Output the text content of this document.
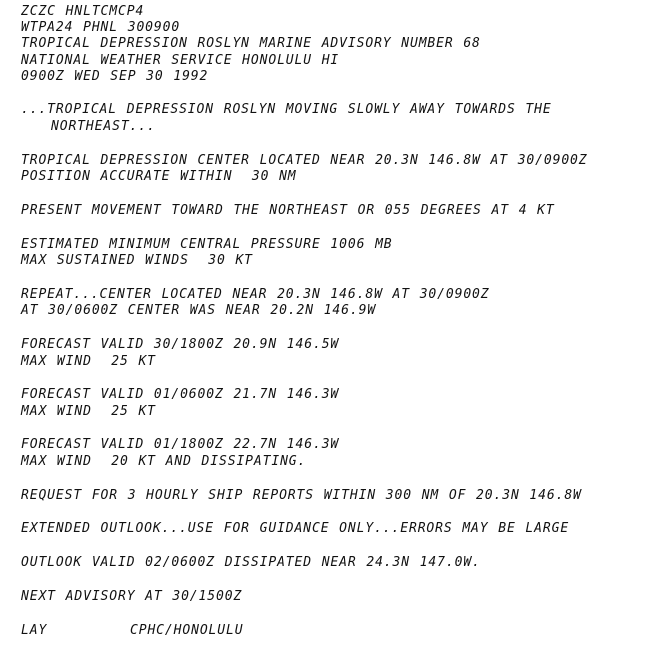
ZCZC HNLTCMCP4
WTPA24 PHNL 300900
TROPICAL DEPRESSION ROSLYN MARINE ADVISORY NUMBER 68
NATIONAL WEATHER SERVICE HONOLULU HI
0900Z WED SEP 30 1992
...TROPICAL DEPRESSION ROSLYN MOVING SLOWLY AWAY TOWARDS THE
NORTHEAST...
TROPICAL DEPRESSION CENTER LOCATED NEAR 20.3N 146.8W AT 30/0900Z
POSITION ACCURATE WITHIN  30 NM
PRESENT MOVEMENT TOWARD THE NORTHEAST OR 055 DEGREES AT 4 KT
ESTIMATED MINIMUM CENTRAL PRESSURE 1006 MB
MAX SUSTAINED WINDS  30 KT
REPEAT...CENTER LOCATED NEAR 20.3N 146.8W AT 30/0900Z
AT 30/0600Z CENTER WAS NEAR 20.2N 146.9W
FORECAST VALID 30/1800Z 20.9N 146.5W
MAX WIND  25 KT
FORECAST VALID 01/0600Z 21.7N 146.3W
MAX WIND  25 KT
FORECAST VALID 01/1800Z 22.7N 146.3W
MAX WIND  20 KT AND DISSIPATING.
REQUEST FOR 3 HOURLY SHIP REPORTS WITHIN 300 NM OF 20.3N 146.8W
EXTENDED OUTLOOK...USE FOR GUIDANCE ONLY...ERRORS MAY BE LARGE
OUTLOOK VALID 02/0600Z DISSIPATED NEAR 24.3N 147.0W.
NEXT ADVISORY AT 30/1500Z
LAY	CPHC/HONOLULU
